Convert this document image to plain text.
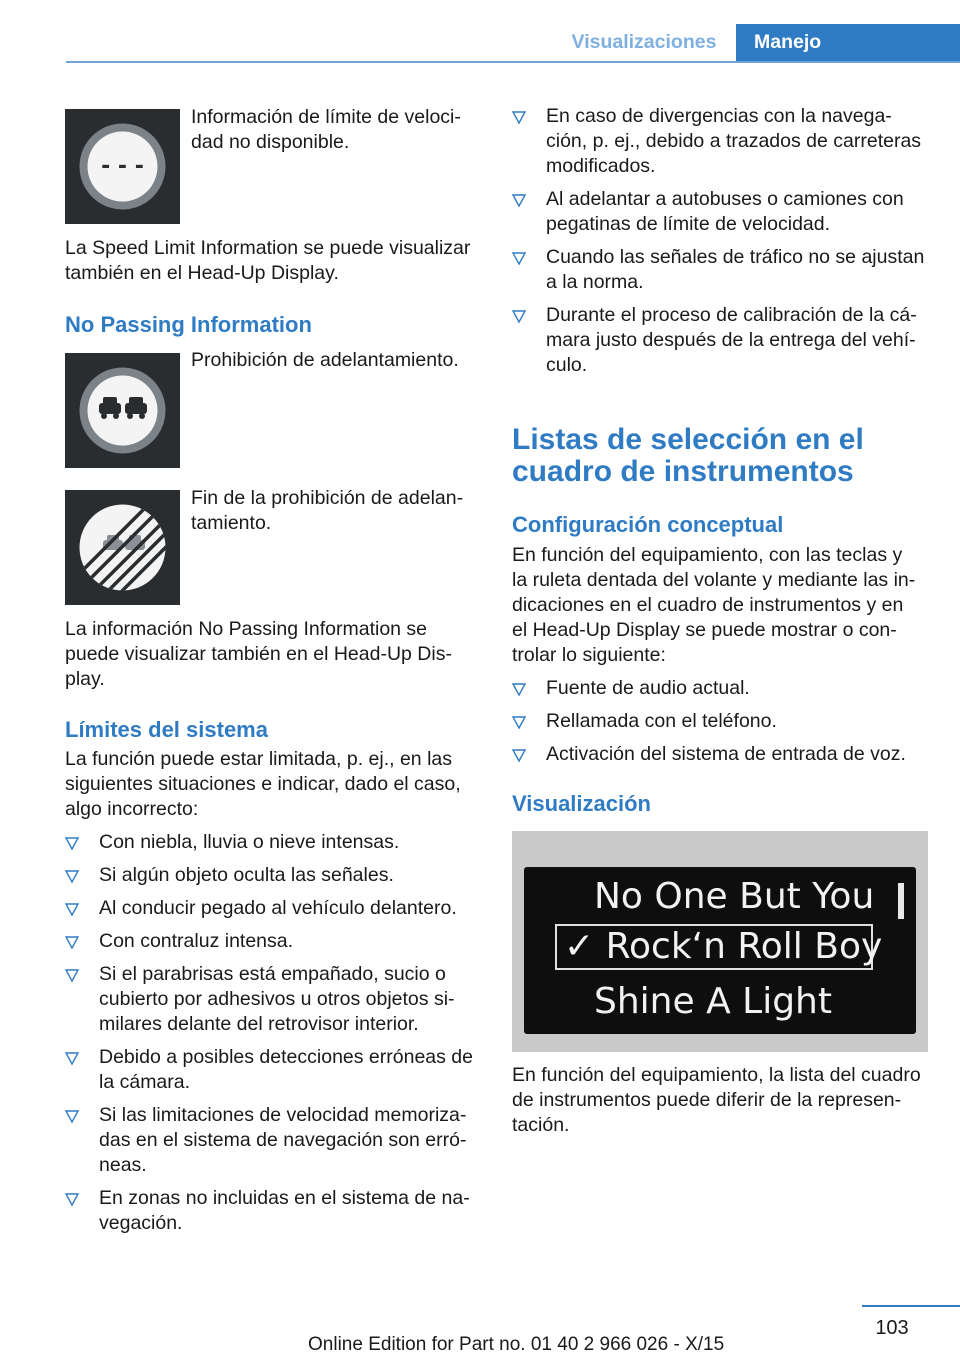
Visualizaciones	Manejo
- - -

Información de límite de veloci‐
dad no disponible.

La Speed Limit Information se puede visualizar también en el Head-Up Display.

No Passing Information

Prohibición de adelantamiento.

Fin de la prohibición de adelan‐
tamiento.

La información No Passing Information se puede visualizar también en el Head-Up Dis‐
play.

Límites del sistema

La función puede estar limitada, p. ej., en las siguientes situaciones e indicar, dado el caso, algo incorrecto:

Con niebla, lluvia o nieve intensas.
Si algún objeto oculta las señales.
Al conducir pegado al vehículo delantero.
Con contraluz intensa.
Si el parabrisas está empañado, sucio o cubierto por adhesivos u otros objetos si‐
milares delante del retrovisor interior.
Debido a posibles detecciones erróneas de la cámara.
Si las limitaciones de velocidad memoriza‐
das en el sistema de navegación son erró‐
neas.
En zonas no incluidas en el sistema de na‐
vegación.
En caso de divergencias con la navega‐
ción, p. ej., debido a trazados de carreteras modificados.
Al adelantar a autobuses o camiones con pegatinas de límite de velocidad.
Cuando las señales de tráfico no se ajustan a la norma.
Durante el proceso de calibración de la cá‐
mara justo después de la entrega del vehí‐
culo.
Listas de selección en el cuadro de instrumentos
Configuración conceptual

En función del equipamiento, con las teclas y la ruleta dentada del volante y mediante las in‐
dicaciones en el cuadro de instrumentos y en el Head-Up Display se puede mostrar o con‐
trolar lo siguiente:

Fuente de audio actual.
Rellamada con el teléfono.
Activación del sistema de entrada de voz.
Visualización
No One But You
✓ Rock‘n Roll Boy
Shine A Light

En función del equipamiento, la lista del cuadro de instrumentos puede diferir de la represen‐
tación.

103
Online Edition for Part no. 01 40 2 966 026 - X/15
